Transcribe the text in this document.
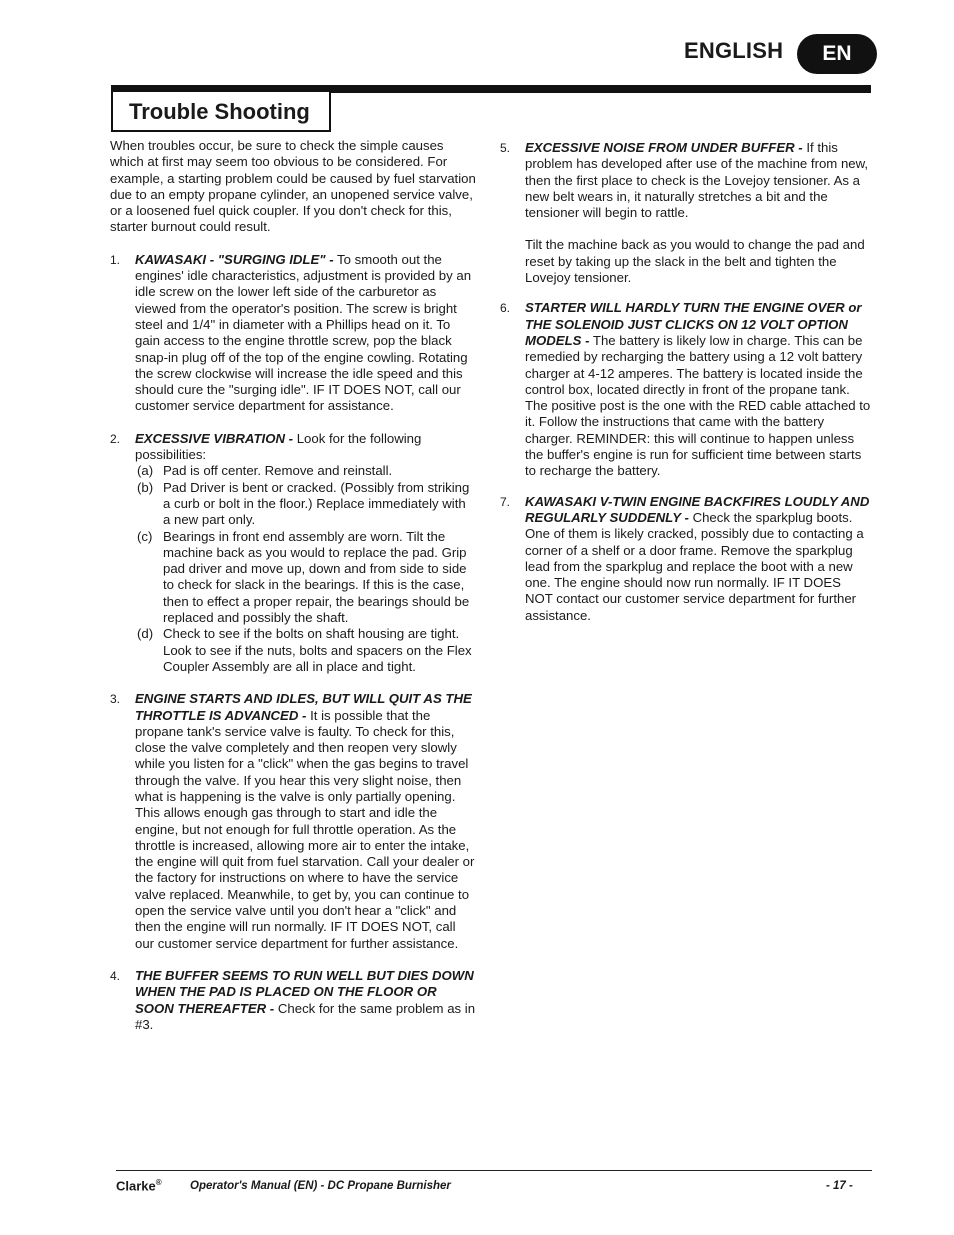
ENGLISH	EN
Trouble Shooting

When troubles occur, be sure to check the simple causes which at first may seem too obvious to be considered. For example, a starting problem could be caused by fuel starvation due to an empty propane cylinder, an unopened service valve, or a loosened fuel quick coupler. If you don't check for this, starter burnout could result.

1. KAWASAKI - "SURGING IDLE" - To smooth out the engines' idle characteristics, adjustment is provided by an idle screw on the lower left side of the carburetor as viewed from the operator's position. The screw is bright steel and 1/4" in diameter with a Phillips head on it. To gain access to the engine throttle screw, pop the black snap-in plug off of the top of the engine cowling. Rotating the screw clockwise will increase the idle speed and this should cure the "surging idle". IF IT DOES NOT, call our customer service department for assistance.
2. EXCESSIVE VIBRATION - Look for the following possibilities:
(a) Pad is off center. Remove and reinstall.
(b) Pad Driver is bent or cracked. (Possibly from striking a curb or bolt in the floor.) Replace immediately with a new part only.
(c) Bearings in front end assembly are worn. Tilt the machine back as you would to replace the pad. Grip pad driver and move up, down and from side to side to check for slack in the bearings. If this is the case, then to effect a proper repair, the bearings should be replaced and possibly the shaft.
(d) Check to see if the bolts on shaft housing are tight. Look to see if the nuts, bolts and spacers on the Flex Coupler Assembly are all in place and tight.
3. ENGINE STARTS AND IDLES, BUT WILL QUIT AS THE THROTTLE IS ADVANCED - It is possible that the propane tank's service valve is faulty. To check for this, close the valve completely and then reopen very slowly while you listen for a "click" when the gas begins to travel through the valve. If you hear this very slight noise, then what is happening is the valve is only partially opening. This allows enough gas through to start and idle the engine, but not enough for full throttle operation. As the throttle is increased, allowing more air to enter the intake, the engine will quit from fuel starvation. Call your dealer or the factory for instructions on where to have the service valve replaced. Meanwhile, to get by, you can continue to open the service valve until you don't hear a "click" and then the engine will run normally. IF IT DOES NOT, call our customer service department for further assistance.
4. THE BUFFER SEEMS TO RUN WELL BUT DIES DOWN WHEN THE PAD IS PLACED ON THE FLOOR OR SOON THEREAFTER - Check for the same problem as in #3.
5. EXCESSIVE NOISE FROM UNDER BUFFER - If this problem has developed after use of the machine from new, then the first place to check is the Lovejoy tensioner. As a new belt wears in, it naturally stretches a bit and the tensioner will begin to rattle.

Tilt the machine back as you would to change the pad and reset by taking up the slack in the belt and tighten the Lovejoy tensioner.

6. STARTER WILL HARDLY TURN THE ENGINE OVER or THE SOLENOID JUST CLICKS ON 12 VOLT OPTION MODELS - The battery is likely low in charge. This can be remedied by recharging the battery using a 12 volt battery charger at 4-12 amperes. The battery is located inside the control box, located directly in front of the propane tank. The positive post is the one with the RED cable attached to it. Follow the instructions that came with the battery charger. REMINDER: this will continue to happen unless the buffer's engine is run for sufficient time between starts to recharge the battery.
7. KAWASAKI V-TWIN ENGINE BACKFIRES LOUDLY AND REGULARLY SUDDENLY - Check the sparkplug boots. One of them is likely cracked, possibly due to contacting a corner of a shelf or a door frame. Remove the sparkplug lead from the sparkplug and replace the boot with a new one. The engine should now run normally. IF IT DOES NOT contact our customer service department for further assistance.
Clarke® Operator's Manual (EN) - DC Propane Burnisher	- 17 -
